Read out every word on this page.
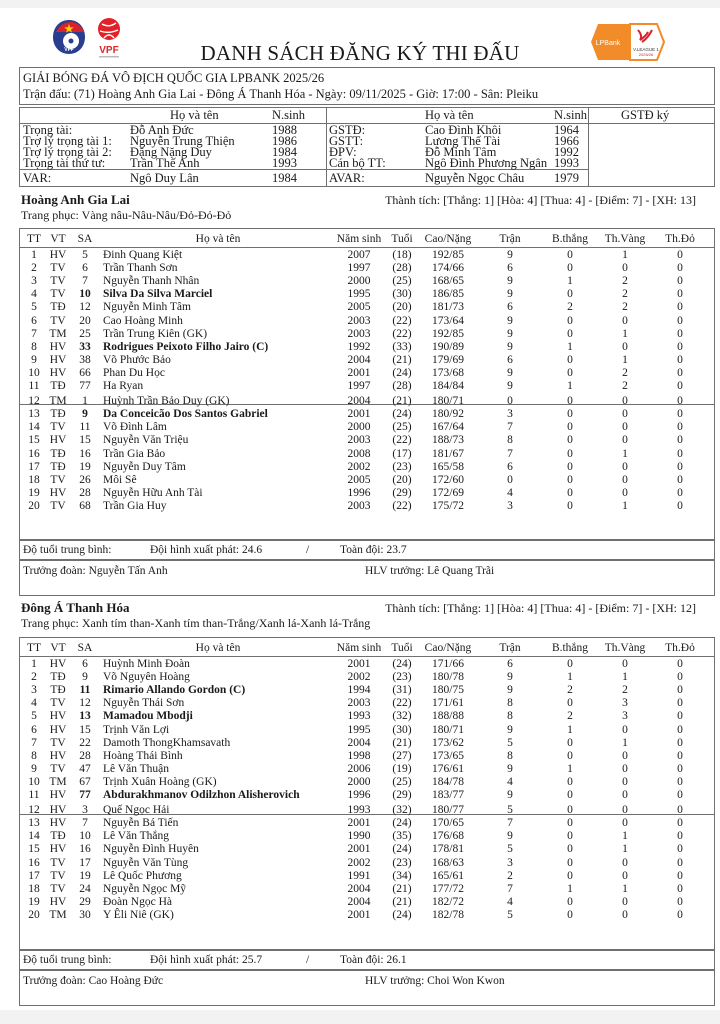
VFF	VPF
LPBank
V.LEAGUE 1
2025/26
DANH SÁCH ĐĂNG KÝ THI ĐẤU
GIẢI BÓNG ĐÁ VÔ ĐỊCH QUỐC GIA LPBANK 2025/26
Trận đấu: (71) Hoàng Anh Gia Lai - Đông Á Thanh Hóa - Ngày: 09/11/2025 - Giờ: 17:00 - Sân: Pleiku
Họ và tên	N.sinh	Họ và tên	N.sinh	GSTĐ ký
Trọng tài:	Đỗ Anh Đức	1988	GSTĐ:	Cao Đình Khôi	1964
Trợ lý trọng tài 1: Nguyễn Trung Thiện	1986	GSTT:	Lương Thế Tài	1966
Trợ lý trọng tài 2: Đặng Nặng Duy	1984	ĐPV:	Đỗ Minh Tâm	1992
Trọng tài thứ tư: Trần Thế Anh	1993	Cán bộ TT:	Ngô Đình Phương Ngân 1993
VAR:	Ngô Duy Lân	1984	AVAR:	Nguyễn Ngọc Châu 1979
Hoàng Anh Gia Lai	Thành tích: [Thắng: 1] [Hòa: 4] [Thua: 4] - [Điểm: 7] - [XH: 13]
Trang phục: Vàng nâu-Nâu-Nâu/Đỏ-Đỏ-Đỏ
TT VT	SA	Họ và tên	Năm sinh Tuổi	Cao/Nặng	Trận	B.thắng	Th.Vàng	Th.Đỏ
1	HV	5	Đinh Quang Kiệt	2007	(18)	192/85	9	0	1	0
2	TV	6	Trần Thanh Sơn	1997	(28)	174/66	6	0	0	0
3	TV	7	Nguyễn Thanh Nhân	2000	(25)	168/65	9	1	2	0
4	TV	10	Silva Da Silva Marciel	1995	(30)	186/85	9	0	2	0
5	TĐ	12	Nguyễn Minh Tâm	2005	(20)	181/73	6	2	2	0
6	TV	20	Cao Hoàng Minh	2003	(22)	173/64	9	0	0	0
7	TM	25	Trần Trung Kiên (GK)	2003	(22)	192/85	9	0	1	0
8	HV	33	Rodrigues Peixoto Filho Jairo (C)	1992	(33)	190/89	9	1	0	0
9	HV	38	Võ Phước Bảo	2004	(21)	179/69	6	0	1	0
10 HV	66	Phan Du Học	2001	(24)	173/68	9	0	2	0
11 TĐ	77	Ha Ryan	1997	(28)	184/84	9	1	2	0
12 TM	1	Huỳnh Trần Bảo Duy (GK)	2004	(21)	180/71	0	0	0	0
13 TĐ	9	Da Conceicão Dos Santos Gabriel	2001	(24)	180/92	3	0	0	0
14 TV	11	Võ Đình Lâm	2000	(25)	167/64	7	0	0	0
15 HV	15	Nguyễn Văn Triệu	2003	(22)	188/73	8	0	0	0
16 TĐ	16	Trần Gia Bảo	2008	(17)	181/67	7	0	1	0
17 TĐ	19	Nguyễn Duy Tâm	2002	(23)	165/58	6	0	0	0
18 TV	26	Môi Sê	2005	(20)	172/60	0	0	0	0
19 HV	28	Nguyễn Hữu Anh Tài	1996	(29)	172/69	4	0	0	0
20 TV	68	Trần Gia Huy	2003	(22)	175/72	3	0	1	0
Độ tuổi trung bình:	Đội hình xuất phát: 24.6	/	Toàn đội: 23.7
Trưởng đoàn: Nguyễn Tấn Anh	HLV trưởng: Lê Quang Trãi
Đông Á Thanh Hóa	Thành tích: [Thắng: 1] [Hòa: 4] [Thua: 4] - [Điểm: 7] - [XH: 12]
Trang phục: Xanh tím than-Xanh tím than-Trắng/Xanh lá-Xanh lá-Trắng
TT VT	SA	Họ và tên	Năm sinh Tuổi	Cao/Nặng	Trận	B.thắng	Th.Vàng	Th.Đỏ
1	HV	6	Huỳnh Minh Đoàn	2001	(24)	171/66	6	0	0	0
2	TĐ	9	Võ Nguyên Hoàng	2002	(23)	180/78	9	1	1	0
3	TĐ	11	Rimario Allando Gordon (C)	1994	(31)	180/75	9	2	2	0
4	TV	12	Nguyễn Thái Sơn	2003	(22)	171/61	8	0	3	0
5	HV	13	Mamadou Mbodji	1993	(32)	188/88	8	2	3	0
6	HV	15	Trịnh Văn Lợi	1995	(30)	180/71	9	1	0	0
7	TV	22	Damoth ThongKhamsavath	2004	(21)	173/62	5	0	1	0
8	HV	28	Hoàng Thái Bình	1998	(27)	173/65	8	0	0	0
9	TV	47	Lê Văn Thuận	2006	(19)	176/61	9	1	0	0
10 TM	67	Trịnh Xuân Hoàng (GK)	2000	(25)	184/78	4	0	0	0
11 HV	77	Abdurakhmanov Odilzhon Alisherovich	1996	(29)	183/77	9	0	0	0
12 HV	3	Quế Ngọc Hải	1993	(32)	180/77	5	0	0	0
13 HV	7	Nguyễn Bá Tiến	2001	(24)	170/65	7	0	0	0
14 TĐ	10	Lê Văn Thắng	1990	(35)	176/68	9	0	1	0
15 HV	16	Nguyễn Đình Huyên	2001	(24)	178/81	5	0	1	0
16 TV	17	Nguyễn Văn Tùng	2002	(23)	168/63	3	0	0	0
17 TV	19	Lê Quốc Phương	1991	(34)	165/61	2	0	0	0
18 TV	24	Nguyễn Ngọc Mỹ	2004	(21)	177/72	7	1	1	0
19 HV	29	Đoàn Ngọc Hà	2004	(21)	182/72	4	0	0	0
20 TM	30	Y Êli Niê (GK)	2001	(24)	182/78	5	0	0	0
Độ tuổi trung bình:	Đội hình xuất phát: 25.7	/	Toàn đội: 26.1
Trưởng đoàn: Cao Hoàng Đức	HLV trưởng: Choi Won Kwon
